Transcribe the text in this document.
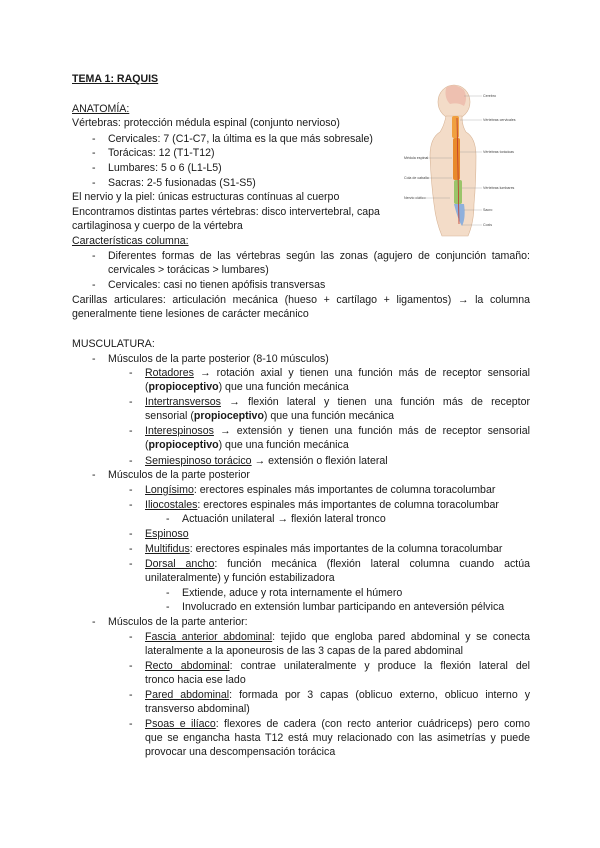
TEMA 1: RAQUIS
ANATOMÍA:
Vértebras: protección médula espinal (conjunto nervioso)
- Cervicales: 7 (C1-C7, la última es la que más sobresale)
- Torácicas: 12 (T1-T12)
- Lumbares: 5 o 6 (L1-L5)
- Sacras: 2-5 fusionadas (S1-S5)
El nervio y la piel: únicas estructuras contínuas al cuerpo
Encontramos distintas partes vértebras: disco intervertebral, capa
cartilaginosa y cuerpo de la vértebra
Características columna:
- Diferentes formas de las vértebras según las zonas (agujero de conjunción tamaño:
cervicales > torácicas > lumbares)
- Cervicales: casi no tienen apófisis transversas
Carillas articulares: articulación mecánica (hueso + cartílago + ligamentos) → la columna
generalmente tiene lesiones de carácter mecánico
Cerebro
Vértebras cervicales
Vértebras torácicas
Vértebras lumbares
Sacro
Coxis
Médula espinal
Cola de caballo
Nervio ciático
MUSCULATURA:
- Músculos de la parte posterior (8-10 músculos)
- Rotadores → rotación axial y tienen una función más de receptor sensorial
(propioceptivo) que una función mecánica
- Intertransversos → flexión lateral y tienen una función más de receptor
sensorial (propioceptivo) que una función mecánica
- Interespinosos → extensión y tienen una función más de receptor sensorial
(propioceptivo) que una función mecánica
- Semiespinoso torácico → extensión o flexión lateral
- Músculos de la parte posterior
- Longísimo: erectores espinales más importantes de columna toracolumbar
- Iliocostales: erectores espinales más importantes de columna toracolumbar
- Actuación unilateral → flexión lateral tronco
- Espinoso
- Multifidus: erectores espinales más importantes de la columna toracolumbar
- Dorsal ancho: función mecánica (flexión lateral columna cuando actúa
unilateralmente) y función estabilizadora
- Extiende, aduce y rota internamente el húmero
- Involucrado en extensión lumbar participando en anteversión pélvica
- Músculos de la parte anterior:
- Fascia anterior abdominal: tejido que engloba pared abdominal y se conecta
lateralmente a la aponeurosis de las 3 capas de la pared abdominal
- Recto abdominal: contrae unilateralmente y produce la flexión lateral del
tronco hacia ese lado
- Pared abdominal: formada por 3 capas (oblicuo externo, oblicuo interno y
transverso abdominal)
- Psoas e ilíaco: flexores de cadera (con recto anterior cuádriceps) pero como
que se engancha hasta T12 está muy relacionado con las asimetrías y puede
provocar una descompensación torácica
